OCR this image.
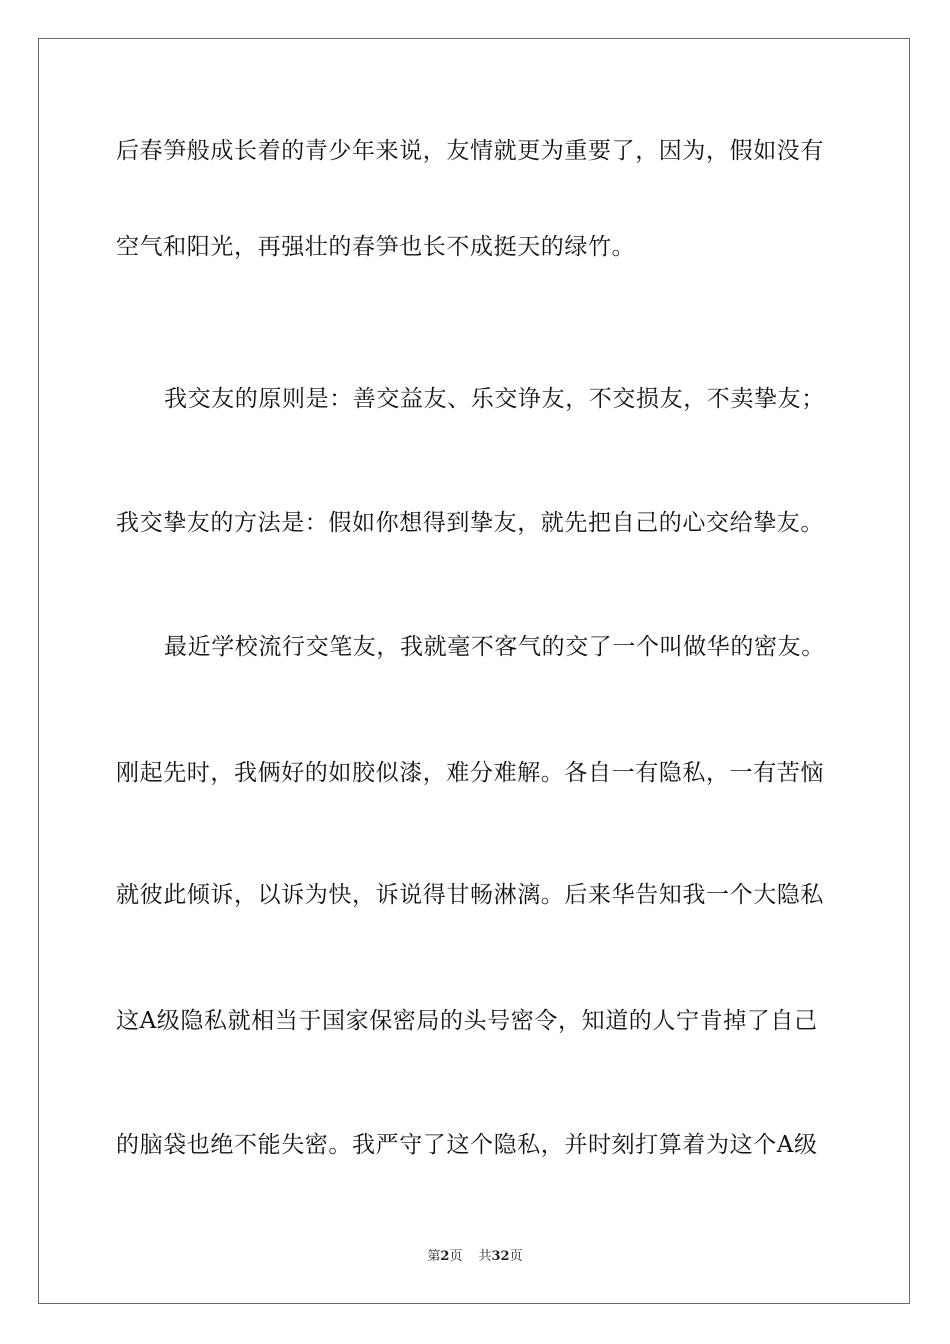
后春笋般成长着的青少年来说，友情就更为重要了，因为，假如没有
空气和阳光，再强壮的春笋也长不成挺天的绿竹。
我交友的原则是：善交益友、乐交诤友，不交损友，不卖挚友；
我交挚友的方法是：假如你想得到挚友，就先把自己的心交给挚友。
最近学校流行交笔友，我就毫不客气的交了一个叫做华的密友。
刚起先时，我俩好的如胶似漆，难分难解。各自一有隐私，一有苦恼
就彼此倾诉，以诉为快，诉说得甘畅淋漓。后来华告知我一个大隐私
这A级隐私就相当于国家保密局的头号密令，知道的人宁肯掉了自己
的脑袋也绝不能失密。我严守了这个隐私，并时刻打算着为这个A级
第2页 共32页
